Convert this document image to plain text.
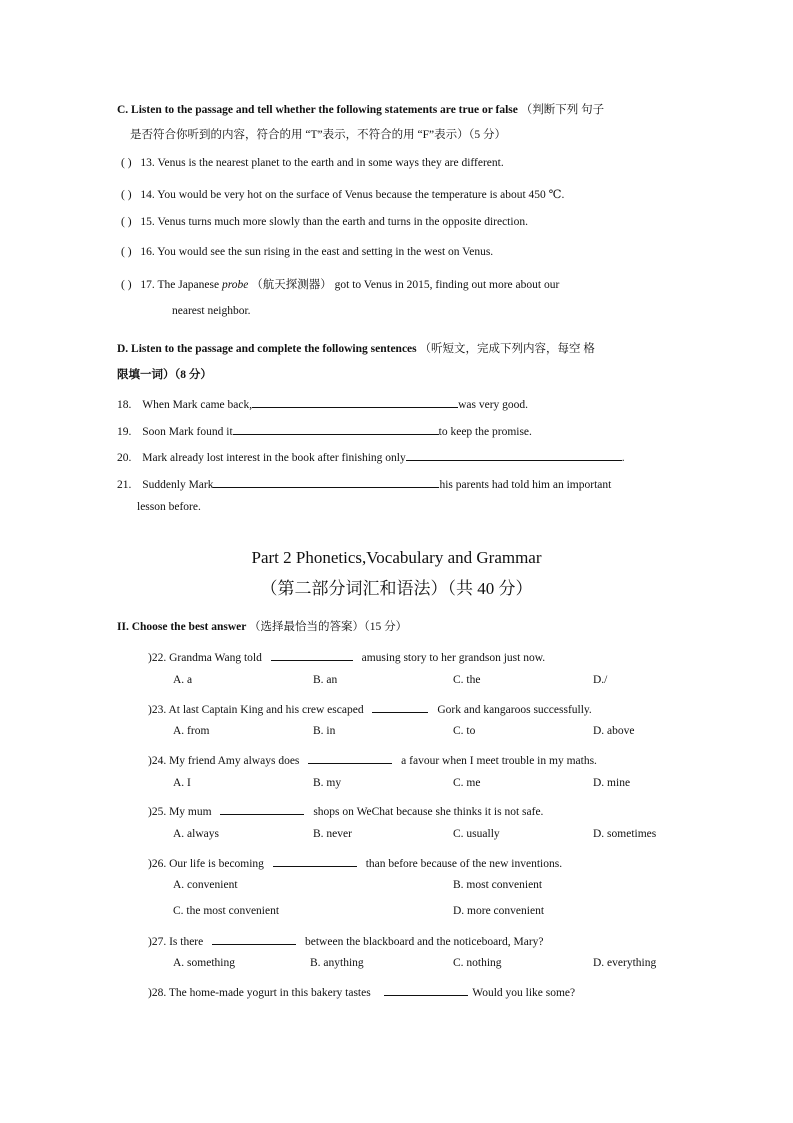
C. Listen to the passage and tell whether the following statements are true or false （判断下列 句子
是否符合你听到的内容，符合的用 “T”表示，不符合的用 “F”表示）（5 分）
( ) 13. Venus is the nearest planet to the earth and in some ways they are different.
( ) 14. You would be very hot on the surface of Venus because the temperature is about 450 ℃.
( ) 15. Venus turns much more slowly than the earth and turns in the opposite direction.
( ) 16. You would see the sun rising in the east and setting in the west on Venus.
( ) 17. The Japanese probe （航天探测器） got to Venus in 2015, finding out more about our
nearest neighbor.
D. Listen to the passage and complete the following sentences （听短文，完成下列内容，每空 格
限填一词）（8 分）
18. When Mark came back,	was very good.
19. Soon Mark found it	to keep the promise.
20. Mark already lost interest in the book after finishing only	.
21. Suddenly Mark	his parents had told him an important
lesson before.
Part 2 Phonetics,Vocabulary and Grammar
（第二部分词汇和语法）（共 40 分）
II. Choose the best answer （选择最恰当的答案）（15 分）
)22. Grandma Wang told	amusing story to her grandson just now.
A. a	B. an	C. the	D./
)23. At last Captain King and his crew escaped	Gork and kangaroos successfully.
A. from	B. in	C. to	D. above
)24. My friend Amy always does	a favour when I meet trouble in my maths.
A. I	B. my	C. me	D. mine
)25. My mum	shops on WeChat because she thinks it is not safe.
A. always	B. never	C. usually	D. sometimes
)26. Our life is becoming	than before because of the new inventions.
A. convenient	B. most convenient
C. the most convenient	D. more convenient
)27. Is there	between the blackboard and the noticeboard, Mary?
A. something	B. anything	C. nothing	D. everything
)28. The home-made yogurt in this bakery tastes	Would you like some?
